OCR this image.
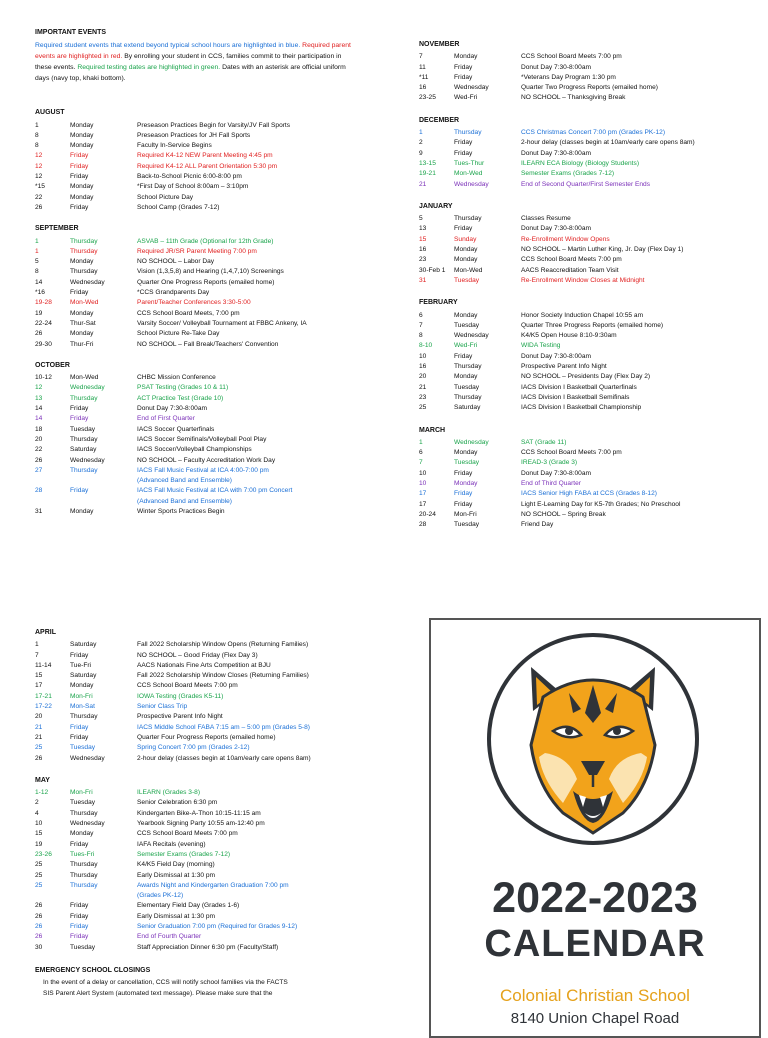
IMPORTANT EVENTS
Required student events that extend beyond typical school hours are highlighted in blue. Required parent events are highlighted in red. By enrolling your student in CCS, families commit to their participation in these events. Required testing dates are highlighted in green. Dates with an asterisk are official uniform days (navy top, khaki bottom).
AUGUST
1	Monday	Preseason Practices Begin for Varsity/JV Fall Sports
8	Monday	Preseason Practices for JH Fall Sports
8	Monday	Faculty In-Service Begins
12	Friday	Required K4-12 NEW Parent Meeting 4:45 pm
12	Friday	Required K4-12 ALL Parent Orientation 5:30 pm
12	Friday	Back-to-School Picnic 6:00-8:00 pm
*15	Monday	*First Day of School 8:00am – 3:10pm
22	Monday	School Picture Day
26	Friday	School Camp (Grades 7-12)
SEPTEMBER
1	Thursday	ASVAB – 11th Grade (Optional for 12th Grade)
1	Thursday	Required JR/SR Parent Meeting 7:00 pm
5	Monday	NO SCHOOL – Labor Day
8	Thursday	Vision (1,3,5,8) and Hearing (1,4,7,10) Screenings
14	Wednesday	Quarter One Progress Reports (emailed home)
*16	Friday	*CCS Grandparents Day
19-28	Mon-Wed	Parent/Teacher Conferences 3:30-5:00
19	Monday	CCS School Board Meets, 7:00 pm
22-24	Thur-Sat	Varsity Soccer/ Volleyball Tournament at FBBC Ankeny, IA
26	Monday	School Picture Re-Take Day
29-30	Thur-Fri	NO SCHOOL – Fall Break/Teachers' Convention
OCTOBER
10-12	Mon-Wed	CHBC Mission Conference
12	Wednesday	PSAT Testing (Grades 10 & 11)
13	Thursday	ACT Practice Test (Grade 10)
14	Friday	Donut Day 7:30-8:00am
14	Friday	End of First Quarter
18	Tuesday	IACS Soccer Quarterfinals
20	Thursday	IACS Soccer Semifinals/Volleyball Pool Play
22	Saturday	IACS Soccer/Volleyball Championships
26	Wednesday	NO SCHOOL – Faculty Accreditation Work Day
27	Thursday	IACS Fall Music Festival at ICA 4:00-7:00 pm
(Advanced Band and Ensemble)
28	Friday	IACS Fall Music Festival at ICA with 7:00 pm Concert
(Advanced Band and Ensemble)
31	Monday	Winter Sports Practices Begin
NOVEMBER
7	Monday	CCS School Board Meets 7:00 pm
11	Friday	Donut Day 7:30-8:00am
*11	Friday	*Veterans Day Program 1:30 pm
16	Wednesday	Quarter Two Progress Reports (emailed home)
23-25	Wed-Fri	NO SCHOOL – Thanksgiving Break
DECEMBER
1	Thursday	CCS Christmas Concert 7:00 pm (Grades PK-12)
2	Friday	2-hour delay (classes begin at 10am/early care opens 8am)
9	Friday	Donut Day 7:30-8:00am
13-15	Tues-Thur	ILEARN ECA Biology (Biology Students)
19-21	Mon-Wed	Semester Exams (Grades 7-12)
21	Wednesday	End of Second Quarter/First Semester Ends
JANUARY
5	Thursday	Classes Resume
13	Friday	Donut Day 7:30-8:00am
15	Sunday	Re-Enrollment Window Opens
16	Monday	NO SCHOOL – Martin Luther King, Jr. Day (Flex Day 1)
23	Monday	CCS School Board Meets 7:00 pm
30-Feb 1	Mon-Wed	AACS Reaccreditation Team Visit
31	Tuesday	Re-Enrollment Window Closes at Midnight
FEBRUARY
6	Monday	Honor Society Induction Chapel 10:55 am
7	Tuesday	Quarter Three Progress Reports (emailed home)
8	Wednesday	K4/K5 Open House 8:10-9:30am
8-10	Wed-Fri	WIDA Testing
10	Friday	Donut Day 7:30-8:00am
16	Thursday	Prospective Parent Info Night
20	Monday	NO SCHOOL – Presidents Day (Flex Day 2)
21	Tuesday	IACS Division I Basketball Quarterfinals
23	Thursday	IACS Division I Basketball Semifinals
25	Saturday	IACS Division I Basketball Championship
MARCH
1	Wednesday	SAT (Grade 11)
6	Monday	CCS School Board Meets 7:00 pm
7	Tuesday	IREAD-3 (Grade 3)
10	Friday	Donut Day 7:30-8:00am
10	Monday	End of Third Quarter
17	Friday	IACS Senior High FABA at CCS (Grades 8-12)
17	Friday	Light E-Learning Day for K5-7th Grades; No Preschool
20-24	Mon-Fri	NO SCHOOL – Spring Break
28	Tuesday	Friend Day
APRIL
1	Saturday	Fall 2022 Scholarship Window Opens (Returning Families)
7	Friday	NO SCHOOL – Good Friday (Flex Day 3)
11-14	Tue-Fri	AACS Nationals Fine Arts Competition at BJU
15	Saturday	Fall 2022 Scholarship Window Closes (Returning Families)
17	Monday	CCS School Board Meets 7:00 pm
17-21	Mon-Fri	IOWA Testing (Grades K5-11)
17-22	Mon-Sat	Senior Class Trip
20	Thursday	Prospective Parent Info Night
21	Friday	IACS Middle School FABA 7:15 am – 5:00 pm (Grades 5-8)
21	Friday	Quarter Four Progress Reports (emailed home)
25	Tuesday	Spring Concert 7:00 pm (Grades 2-12)
26	Wednesday	2-hour delay (classes begin at 10am/early care opens 8am)
MAY
1-12	Mon-Fri	ILEARN (Grades 3-8)
2	Tuesday	Senior Celebration 6:30 pm
4	Thursday	Kindergarten Bike-A-Thon 10:15-11:15 am
10	Wednesday	Yearbook Signing Party 10:55 am-12:40 pm
15	Monday	CCS School Board Meets 7:00 pm
19	Friday	IAFA Recitals (evening)
23-26	Tues-Fri	Semester Exams (Grades 7-12)
25	Thursday	K4/K5 Field Day (morning)
25	Thursday	Early Dismissal at 1:30 pm
25	Thursday	Awards Night and Kindergarten Graduation 7:00 pm
(Grades PK-12)
26	Friday	Elementary Field Day (Grades 1-6)
26	Friday	Early Dismissal at 1:30 pm
26	Friday	Senior Graduation 7:00 pm (Required for Grades 9-12)
26	Friday	End of Fourth Quarter
30	Tuesday	Staff Appreciation Dinner 6:30 pm (Faculty/Staff)
EMERGENCY SCHOOL CLOSINGS

In the event of a delay or cancellation, CCS will notify school families via the FACTS

SIS Parent Alert System (automated text message). Please make sure that the

2022-2023
CALENDAR
Colonial Christian School
8140 Union Chapel Road
